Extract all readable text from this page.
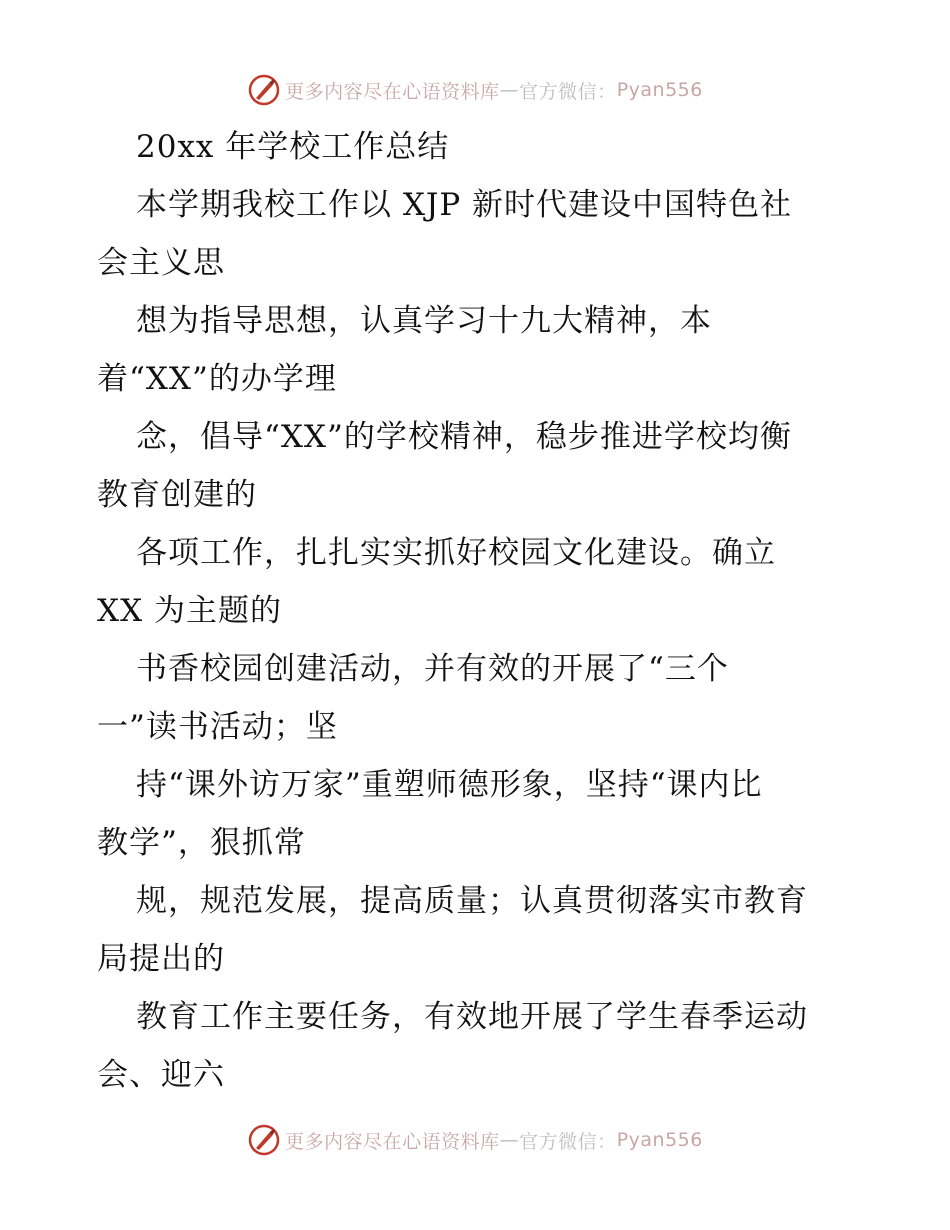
更多内容尽在心语资料库 — 官方微信： Pyan556
20xx 年学校工作总结
本学期我校工作以 XJP 新时代建设中国特色社
会主义思
想为指导思想，认真学习十九大精神，本
着“XX”的办学理
念，倡导“XX”的学校精神，稳步推进学校均衡
教育创建的
各项工作，扎扎实实抓好校园文化建设。确立
XX 为主题的
书香校园创建活动，并有效的开展了“三个
一”读书活动；坚
持“课外访万家”重塑师德形象，坚持“课内比
教学”，狠抓常
规，规范发展，提高质量；认真贯彻落实市教育
局提出的
教育工作主要任务，有效地开展了学生春季运动
会、迎六
更多内容尽在心语资料库 — 官方微信： Pyan556
